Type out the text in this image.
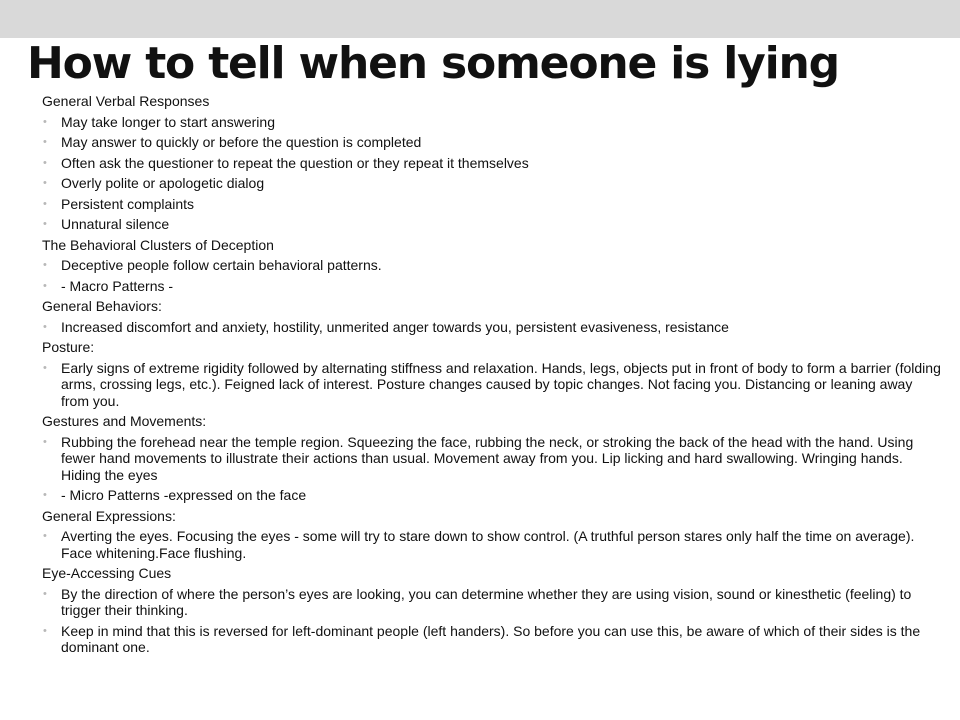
How to tell when someone is lying

General Verbal Responses

• May take longer to start answering

• May answer to quickly or before the question is completed

• Often ask the questioner to repeat the question or they repeat it themselves

• Overly polite or apologetic dialog

• Persistent complaints

• Unnatural silence

The Behavioral Clusters of Deception

• Deceptive people follow certain behavioral patterns.

• - Macro Patterns -

General Behaviors:

• Increased discomfort and anxiety, hostility, unmerited anger towards you, persistent evasiveness, resistance

Posture:

• Early signs of extreme rigidity followed by alternating stiffness and relaxation. Hands, legs, objects put in front of body to form a barrier (folding arms, crossing legs, etc.). Feigned lack of interest. Posture changes caused by topic changes. Not facing you. Distancing or leaning away from you.

Gestures and Movements:

• Rubbing the forehead near the temple region. Squeezing the face, rubbing the neck, or stroking the back of the head with the hand. Using fewer hand movements to illustrate their actions than usual. Movement away from you. Lip licking and hard swallowing. Wringing hands. Hiding the eyes

• - Micro Patterns -expressed on the face

General Expressions:

• Averting the eyes. Focusing the eyes - some will try to stare down to show control. (A truthful person stares only half the time on average). Face whitening.Face flushing.

Eye-Accessing Cues

• By the direction of where the person’s eyes are looking, you can determine whether they are using vision, sound or kinesthetic (feeling) to trigger their thinking.

• Keep in mind that this is reversed for left-dominant people (left handers). So before you can use this, be aware of which of their sides is the dominant one.
